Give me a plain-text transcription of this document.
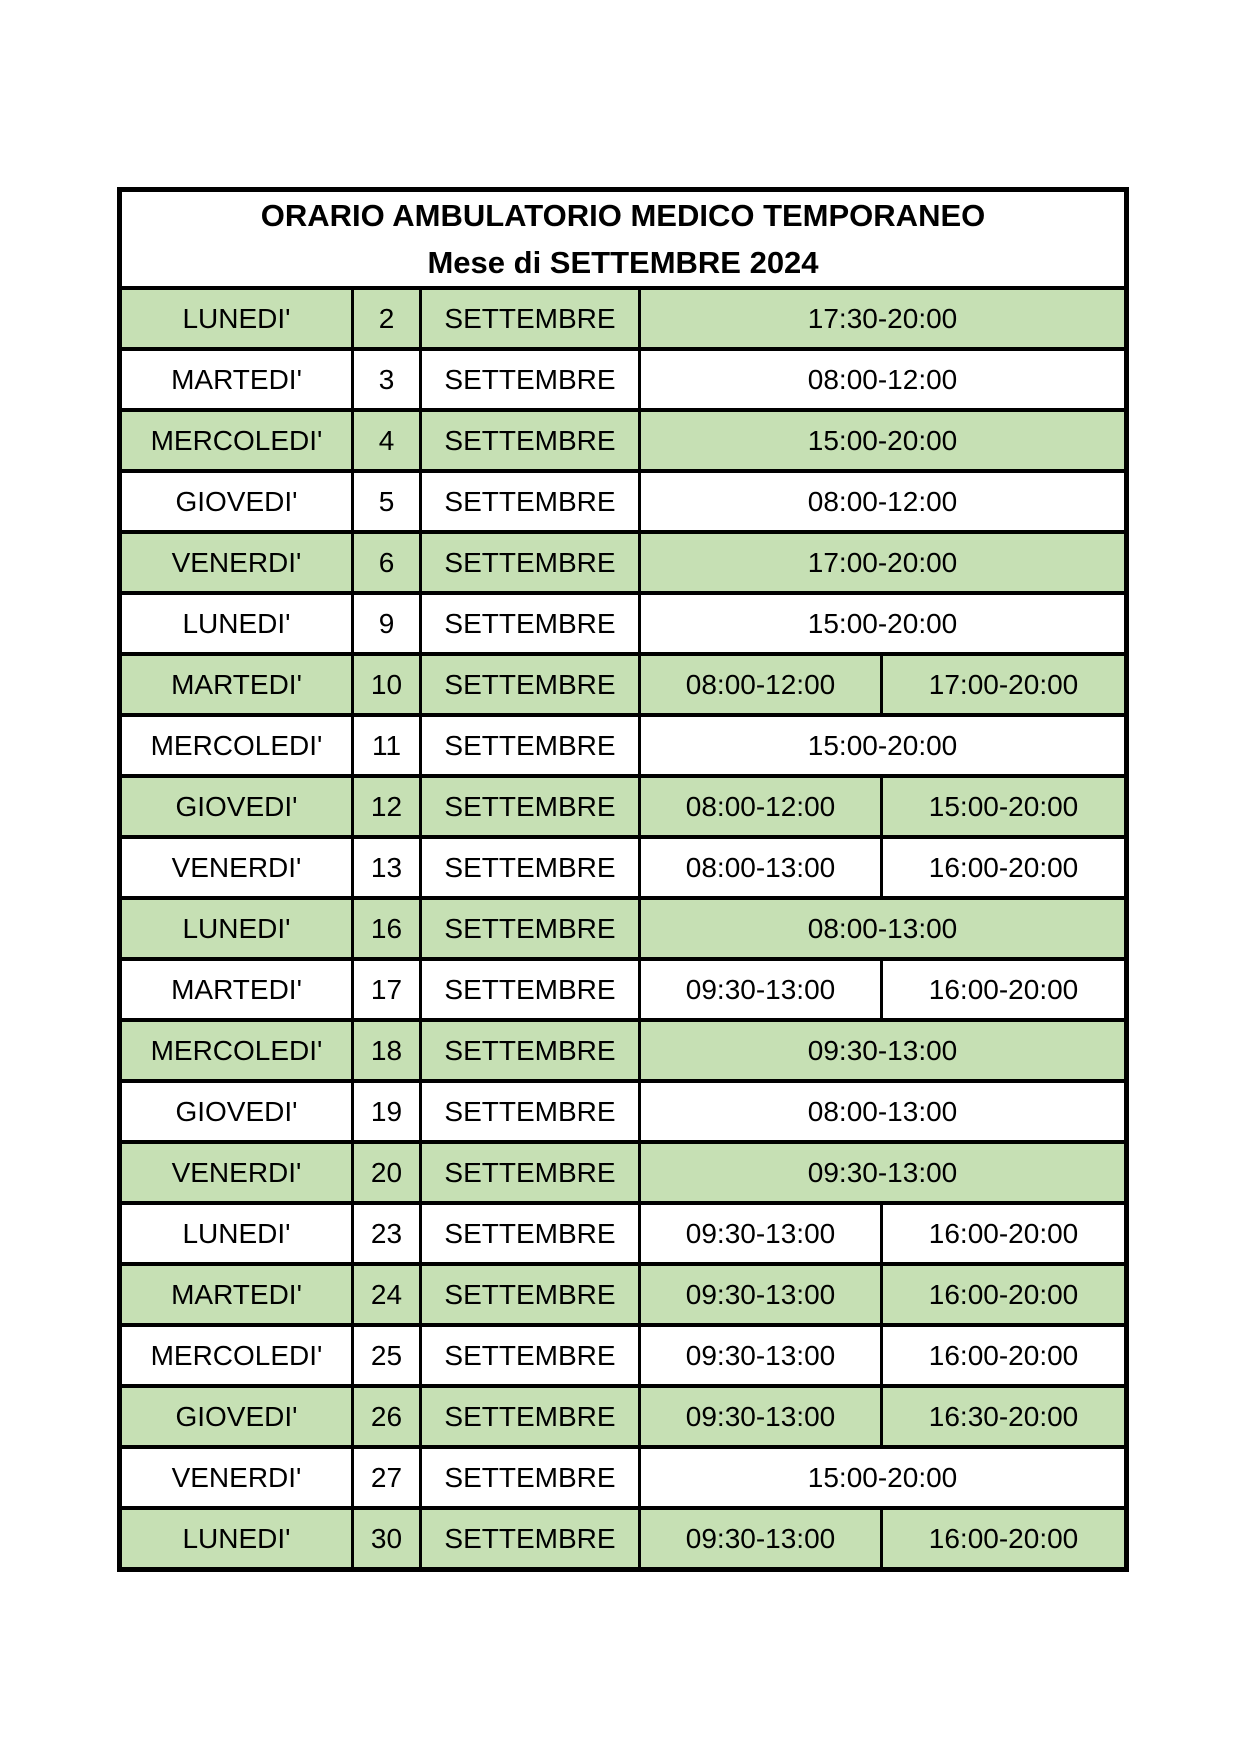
ORARIO AMBULATORIO MEDICO TEMPORANEO
Mese di SETTEMBRE 2024				

LUNEDI'	2	SETTEMBRE	17:30-20:00	
MARTEDI'	3	SETTEMBRE	08:00-12:00	
MERCOLEDI'	4	SETTEMBRE	15:00-20:00	
GIOVEDI'	5	SETTEMBRE	08:00-12:00	
VENERDI'	6	SETTEMBRE	17:00-20:00	
LUNEDI'	9	SETTEMBRE	15:00-20:00	
MARTEDI'	10	SETTEMBRE	08:00-12:00	17:00-20:00
MERCOLEDI'	11	SETTEMBRE	15:00-20:00	
GIOVEDI'	12	SETTEMBRE	08:00-12:00	15:00-20:00
VENERDI'	13	SETTEMBRE	08:00-13:00	16:00-20:00
LUNEDI'	16	SETTEMBRE	08:00-13:00	
MARTEDI'	17	SETTEMBRE	09:30-13:00	16:00-20:00
MERCOLEDI'	18	SETTEMBRE	09:30-13:00	
GIOVEDI'	19	SETTEMBRE	08:00-13:00	
VENERDI'	20	SETTEMBRE	09:30-13:00	
LUNEDI'	23	SETTEMBRE	09:30-13:00	16:00-20:00
MARTEDI'	24	SETTEMBRE	09:30-13:00	16:00-20:00
MERCOLEDI'	25	SETTEMBRE	09:30-13:00	16:00-20:00
GIOVEDI'	26	SETTEMBRE	09:30-13:00	16:30-20:00
VENERDI'	27	SETTEMBRE	15:00-20:00	
LUNEDI'	30	SETTEMBRE	09:30-13:00	16:00-20:00
